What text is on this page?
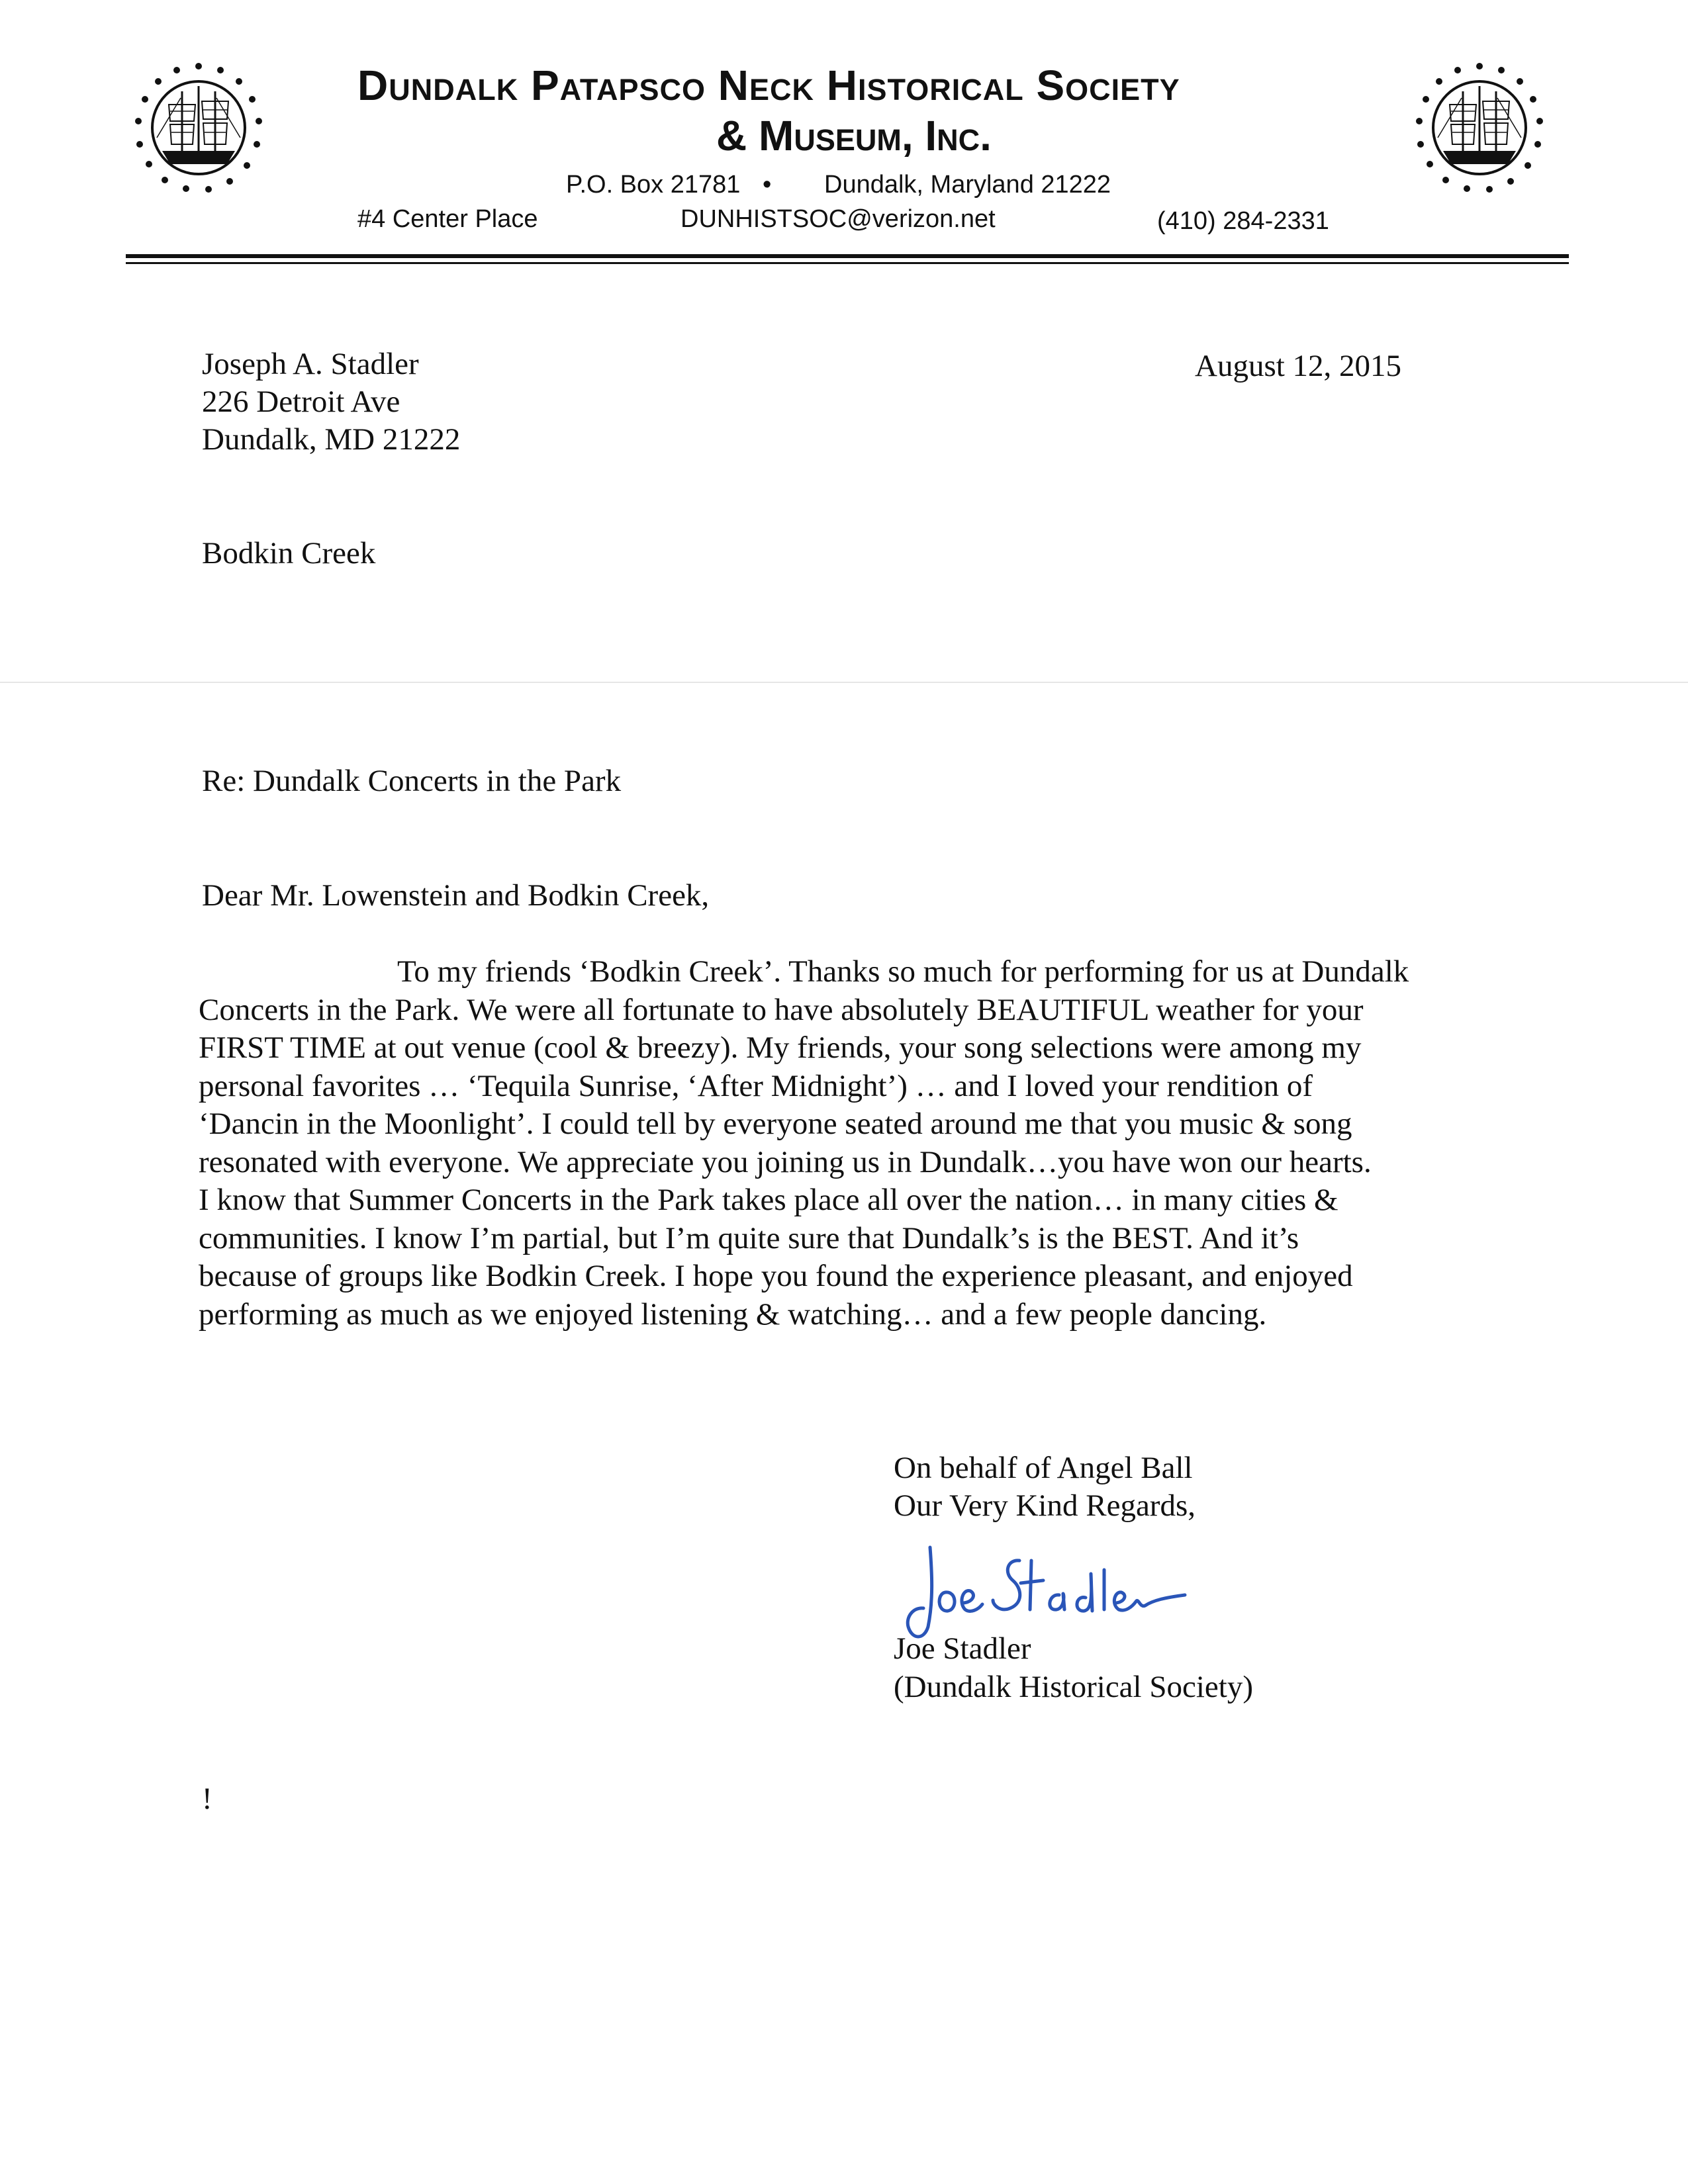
Dundalk Patapsco Neck Historical Society
& Museum, Inc.
P.O. Box 21781 • Dundalk, Maryland 21222
#4 Center Place	DUNHISTSOC@verizon.net	(410) 284-2331
Joseph A. Stadler
226 Detroit Ave
Dundalk, MD 21222
August 12, 2015
Bodkin Creek
Re: Dundalk Concerts in the Park
Dear Mr. Lowenstein and Bodkin Creek,
To my friends ‘Bodkin Creek’. Thanks so much for performing for us at Dundalk
Concerts in the Park. We were all fortunate to have absolutely BEAUTIFUL weather for your
FIRST TIME at out venue (cool & breezy). My friends, your song selections were among my
personal favorites … ‘Tequila Sunrise, ‘After Midnight’) … and I loved your rendition of
‘Dancin in the Moonlight’. I could tell by everyone seated around me that you music & song
resonated with everyone. We appreciate you joining us in Dundalk…you have won our hearts.
I know that Summer Concerts in the Park takes place all over the nation… in many cities &
communities. I know I’m partial, but I’m quite sure that Dundalk’s is the BEST. And it’s
because of groups like Bodkin Creek. I hope you found the experience pleasant, and enjoyed
performing as much as we enjoyed listening & watching… and a few people dancing.
On behalf of Angel Ball
Our Very Kind Regards,
Joe Stadler
(Dundalk Historical Society)
!
